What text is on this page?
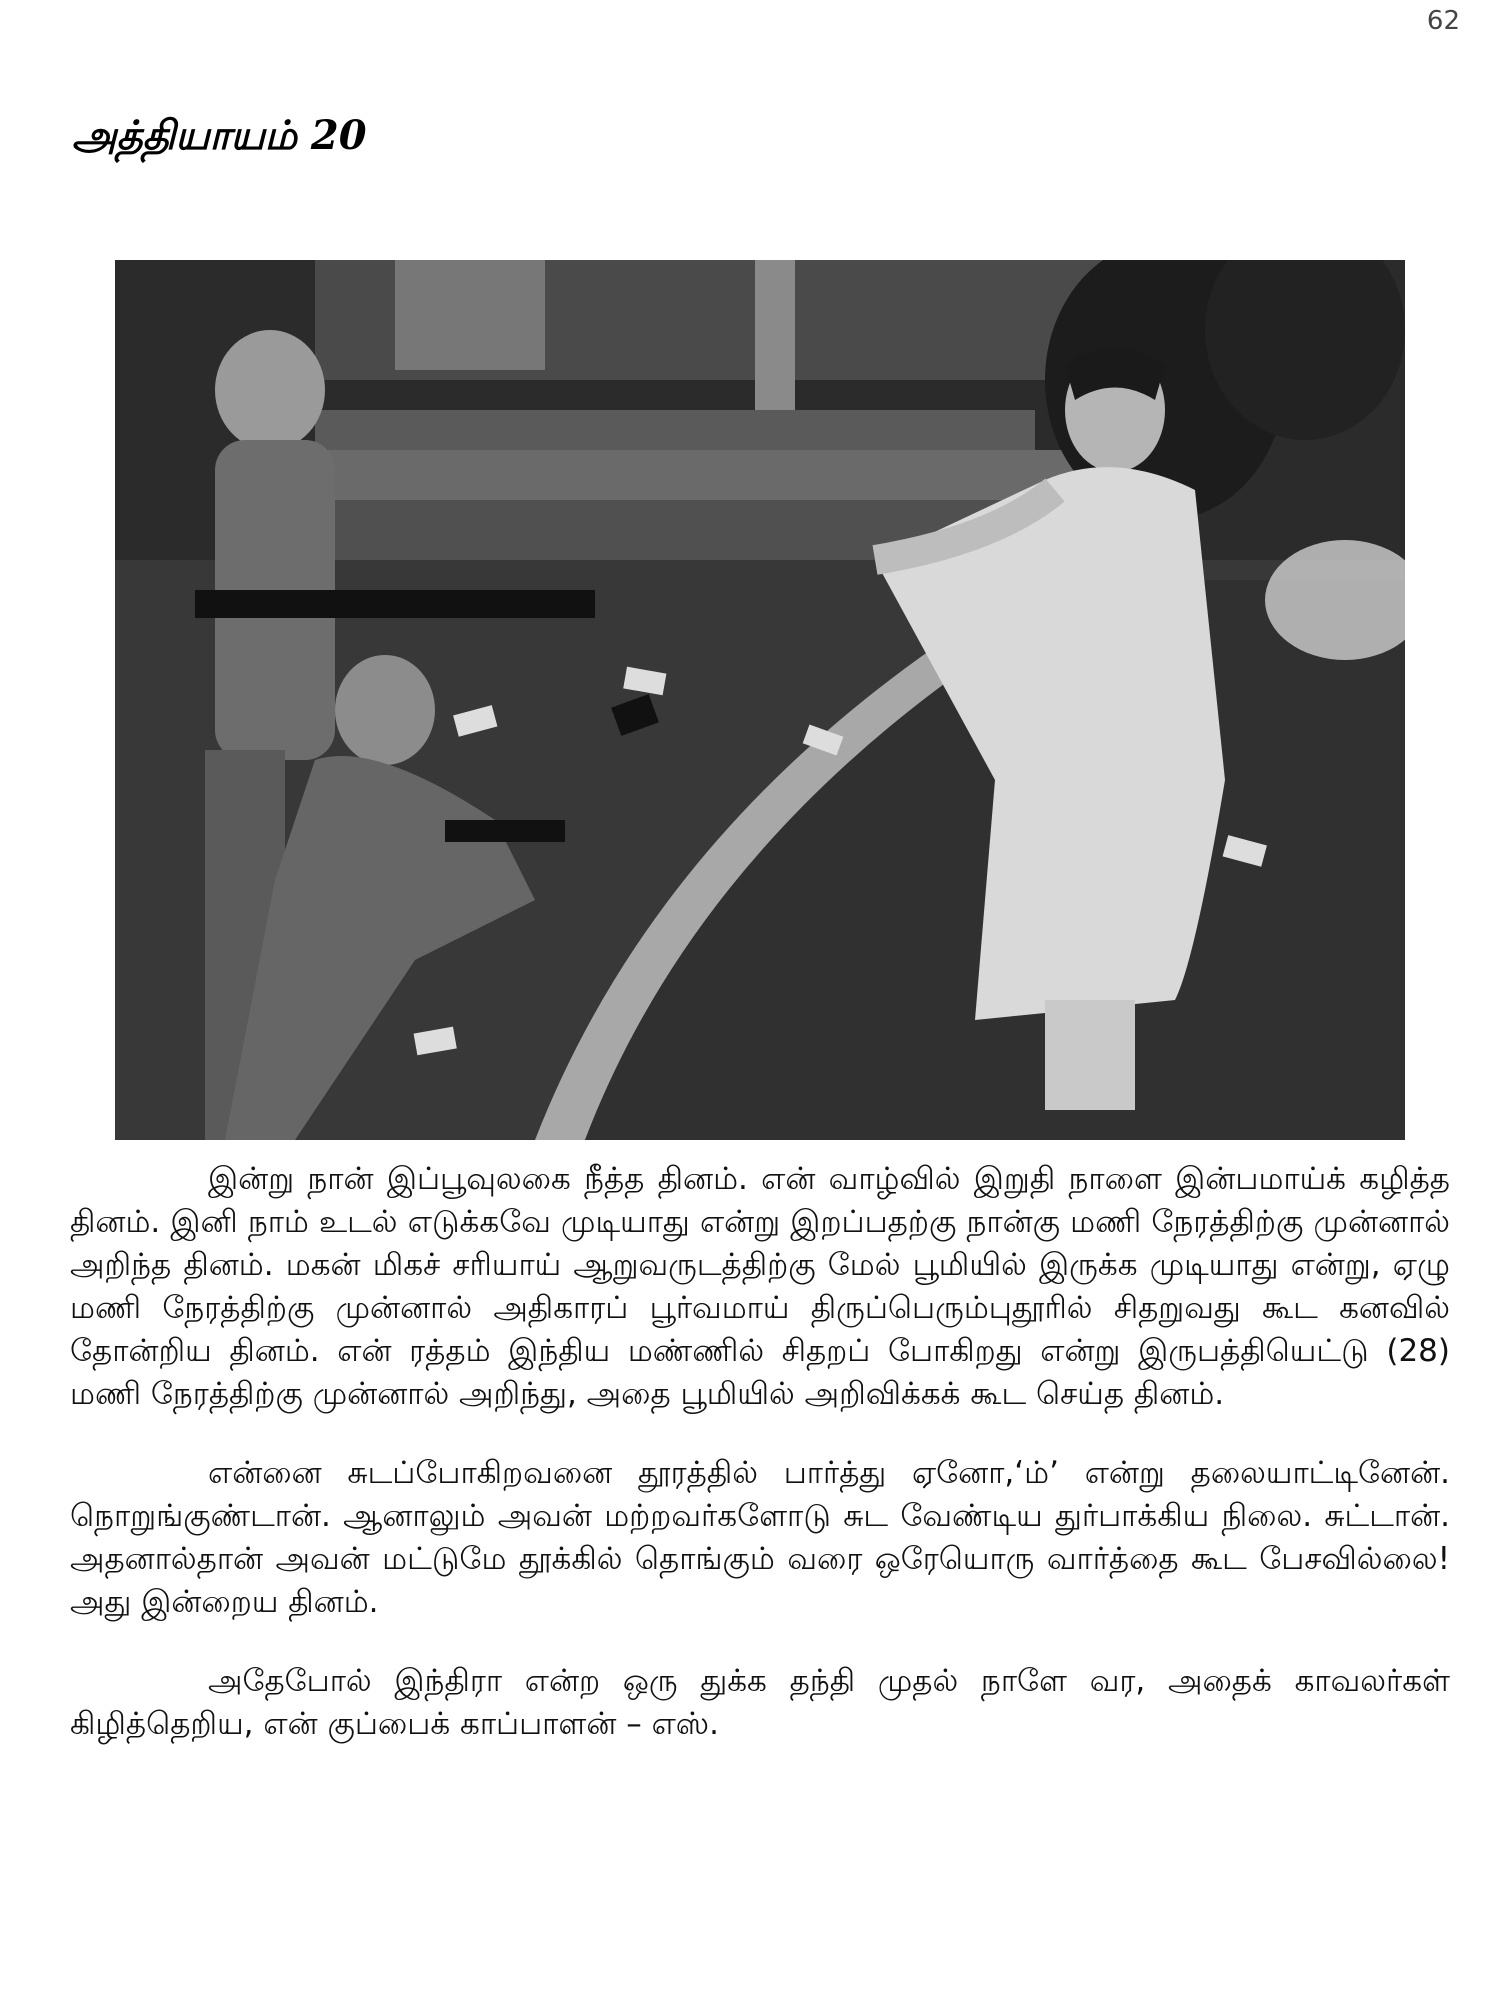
62
அத்தியாயம் 20

இன்று நான் இப்பூவுலகை நீத்த தினம். என் வாழ்வில் இறுதி நாளை இன்பமாய்க் கழித்த தினம். இனி நாம் உடல் எடுக்கவே முடியாது என்று இறப்பதற்கு நான்கு மணி நேரத்திற்கு முன்னால் அறிந்த தினம். மகன் மிகச் சரியாய் ஆறுவருடத்திற்கு மேல் பூமியில் இருக்க முடியாது என்று, ஏழு மணி நேரத்திற்கு முன்னால் அதிகாரப் பூர்வமாய் திருப்பெரும்புதூரில் சிதறுவது கூட கனவில் தோன்றிய தினம். என் ரத்தம் இந்திய மண்ணில் சிதறப் போகிறது என்று இருபத்தியெட்டு (28) மணி நேரத்திற்கு முன்னால் அறிந்து, அதை பூமியில் அறிவிக்கக் கூட செய்த தினம்.

என்னை சுடப்போகிறவனை தூரத்தில் பார்த்து ஏனோ,‘ம்’ என்று தலையாட்டினேன். நொறுங்குண்டான். ஆனாலும் அவன் மற்றவர்களோடு சுட வேண்டிய துர்பாக்கிய நிலை. சுட்டான். அதனால்தான் அவன் மட்டுமே தூக்கில் தொங்கும் வரை ஒரேயொரு வார்த்தை கூட பேசவில்லை! அது இன்றைய தினம்.

அதேபோல் இந்திரா என்ற ஒரு துக்க தந்தி முதல் நாளே வர, அதைக் காவலர்கள் கிழித்தெறிய, என் குப்பைக் காப்பாளன் – எஸ்.
